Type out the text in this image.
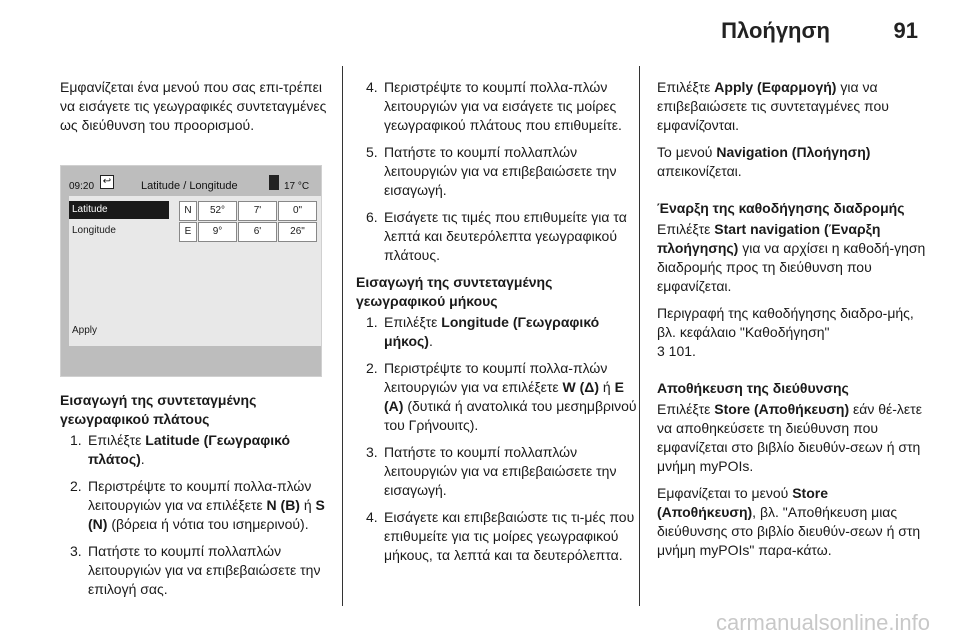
Πλοήγηση	91

Εμφανίζεται ένα μενού που σας επι-τρέπει να εισάγετε τις γεωγραφικές συντεταγμένες ως διεύθυνση του προορισμού.

09:20 ↩	Latitude / Longitude	17 °C
Latitude
Longitude
Apply
N	52°	7'	0"
E	9°	6'	26"
Εισαγωγή της συντεταγμένης γεωγραφικού πλάτους
1. Επιλέξτε Latitude (Γεωγραφικό πλάτος).
2. Περιστρέψτε το κουμπί πολλα-πλών λειτουργιών για να επιλέξετε N (Β) ή S (Ν) (βόρεια ή νότια του ισημερινού).
3. Πατήστε το κουμπί πολλαπλών λειτουργιών για να επιβεβαιώσετε την επιλογή σας.
4. Περιστρέψτε το κουμπί πολλα-πλών λειτουργιών για να εισάγετε τις μοίρες γεωγραφικού πλάτους που επιθυμείτε.
5. Πατήστε το κουμπί πολλαπλών λειτουργιών για να επιβεβαιώσετε την εισαγωγή.
6. Εισάγετε τις τιμές που επιθυμείτε για τα λεπτά και δευτερόλεπτα γεωγραφικού πλάτους.
Εισαγωγή της συντεταγμένης γεωγραφικού μήκους
1. Επιλέξτε Longitude (Γεωγραφικό μήκος).
2. Περιστρέψτε το κουμπί πολλα-πλών λειτουργιών για να επιλέξετε W (Δ) ή E (A) (δυτικά ή ανατολικά του μεσημβρινού του Γρήνουιτς).
3. Πατήστε το κουμπί πολλαπλών λειτουργιών για να επιβεβαιώσετε την εισαγωγή.
4. Εισάγετε και επιβεβαιώστε τις τι-μές που επιθυμείτε για τις μοίρες γεωγραφικού μήκους, τα λεπτά και τα δευτερόλεπτα.

Επιλέξτε Apply (Εφαρμογή) για να επιβεβαιώσετε τις συντεταγμένες που εμφανίζονται.

Το μενού Navigation (Πλοήγηση) απεικονίζεται.

Έναρξη της καθοδήγησης διαδρομής

Επιλέξτε Start navigation (Έναρξη πλοήγησης) για να αρχίσει η καθοδή-γηση διαδρομής προς τη διεύθυνση που εμφανίζεται.

Περιγραφή της καθοδήγησης διαδρο-μής, βλ. κεφάλαιο "Καθοδήγηση"
3 101.

Αποθήκευση της διεύθυνσης

Επιλέξτε Store (Αποθήκευση) εάν θέ-λετε να αποθηκεύσετε τη διεύθυνση που εμφανίζεται στο βιβλίο διευθύν-σεων ή στη μνήμη myPOIs.

Εμφανίζεται το μενού Store (Αποθήκευση), βλ. "Αποθήκευση μιας διεύθυνσης στο βιβλίο διευθύν-σεων ή στη μνήμη myPOIs" παρα-κάτω.

carmanualsonline.info
